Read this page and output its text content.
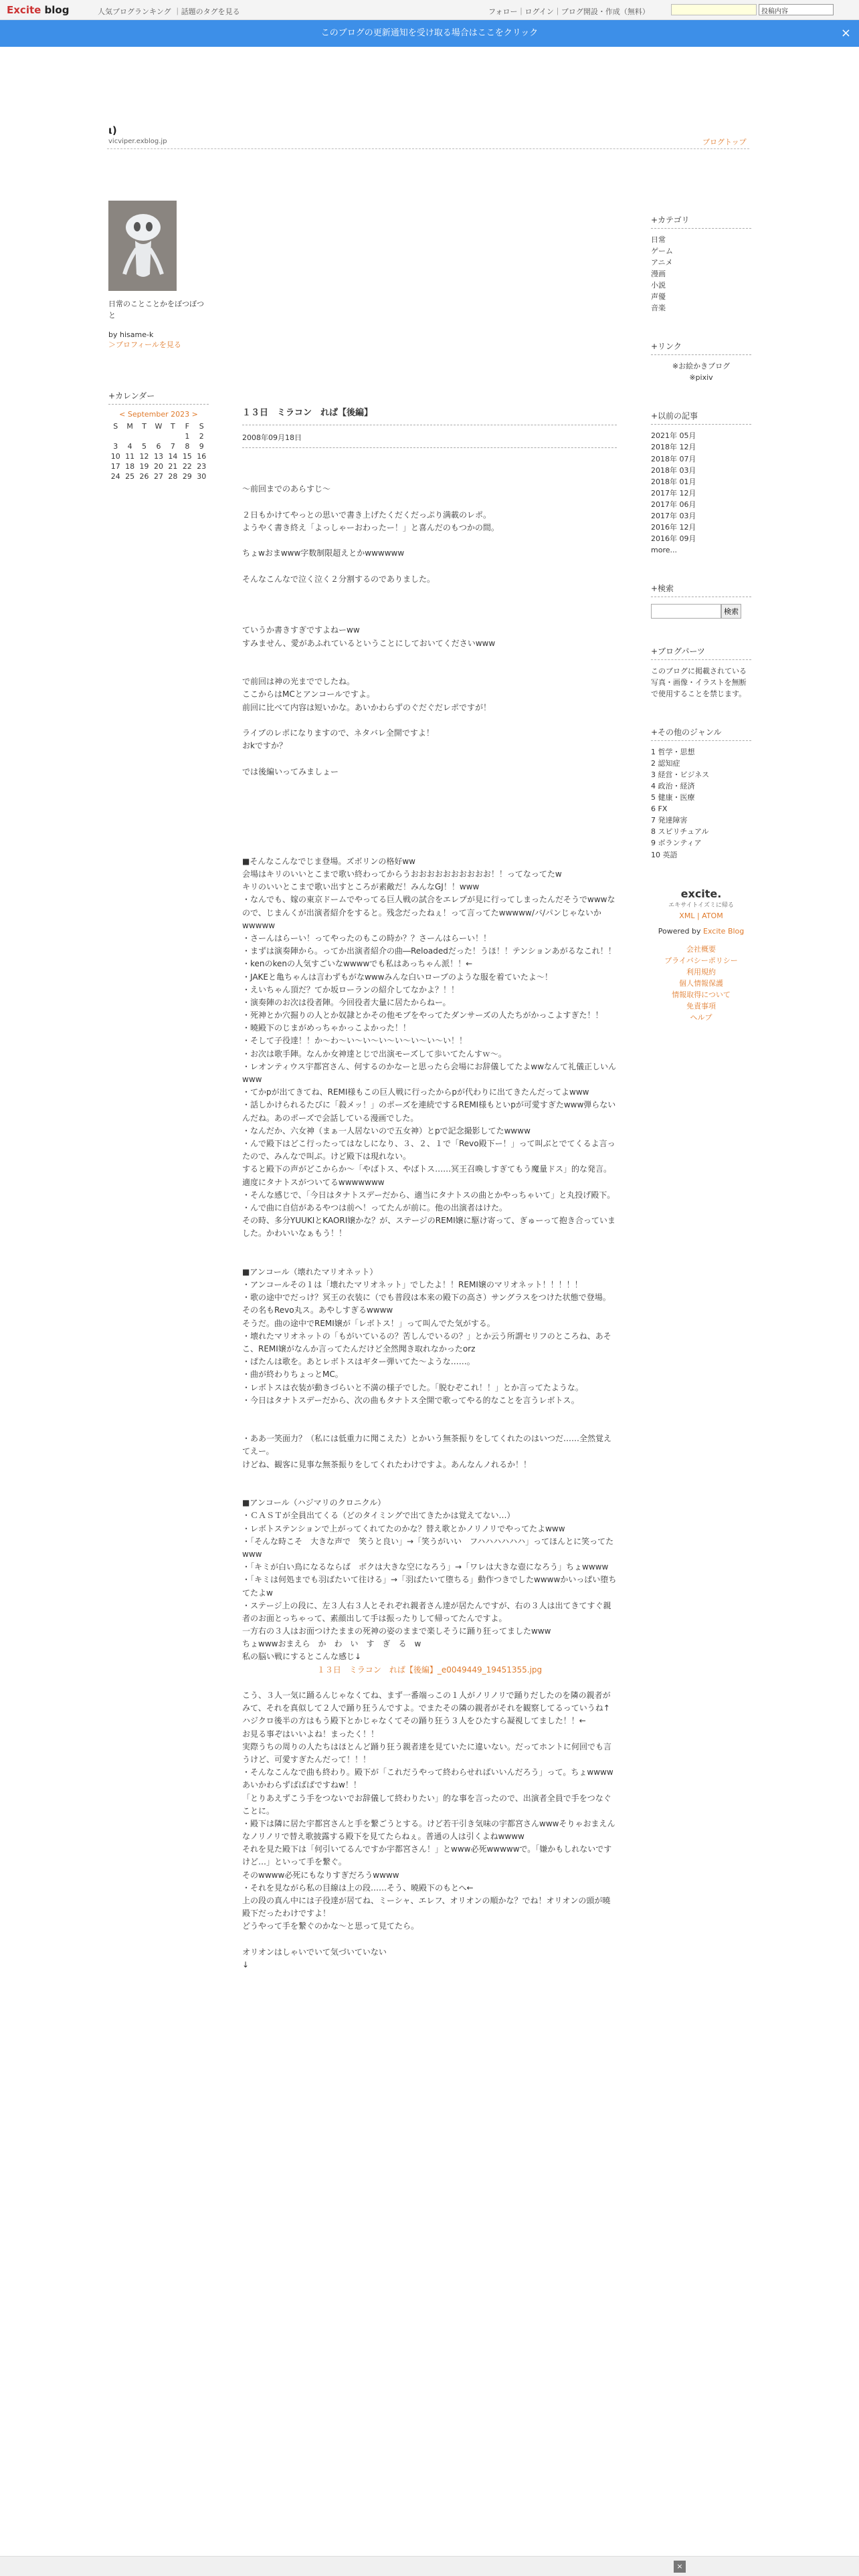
Excite blog	人気ブログランキング ｜話題のタグを見る	フォロー｜ログイン｜ブログ開設・作成（無料）	投稿内容
このブログの更新通知を受け取る場合はここをクリック	×
ι)
vicviper.exblog.jp	ブログトップ
日常のことことかをぼつぼつと
by hisame-k
＞プロフィールを見る
+カレンダー
< September 2023 >
S	M	T	W	T	F	S
					1	2
3	4	5	6	7	8	9
10	11	12	13	14	15	16
17	18	19	20	21	22	23
24	25	26	27	28	29	30
１３日　ミラコン　れぱ【後編】
2008年09月18日

〜前回までのあらすじ〜

２日もかけてやっとの思いで書き上げたくだくだっぷり满載のレポ。
ようやく書き終え「よっしゃーおわったー！」と喜んだのもつかの間。

ちょwおまwww字数制限超えとかwwwwww

そんなこんなで泣く泣く２分割するのでありました。

ていうか書きすぎですよねーww
すみません、愛があふれているということにしておいてくださいwww

で前回は神の光まででしたね。
ここからはMCとアンコールですよ。
前回に比べて内容は短いかな。あいかわらずのぐだぐだレポですが！

ライブのレポになりますので、ネタバレ全開ですよ！
おkですか？

では後編いってみましょー

■そんなこんなでじま登場。ズボリンの格好ww
会場はキリのいいとこまで歌い終わってからうおおおおおおおおおお！！ってなってたw
キリのいいとこまで歌い出すところが素敵だ！みんなGJ！！www
・なんでも、嫁の東京ドームでやってる巨人戦の試合をエレプが見に行ってしまったんだそうでwwwなので、じまんくが出演者紹介をすると。残念だったねぇ！って言ってたwwwww/バ/パンじゃないかwwwww
・さーんはらーい！ってやったのもこの時か？？さーんはらーい！！
・まずは演奏陣から。ってか出演者紹介の曲―Reloadedだった！うほ！！テンションあがるなこれ！！
・kenのkenの人気すごいなwwwwでも私はあっちゃん派！！←
・JAKEと亀ちゃんは言わずもがなwwwみんな白いローブのような服を着ていたよ〜！
・えいちゃん頂だ？てか坂ローランの紹介してなかよ？！！
・演奏陣のお次は役者陣。今回役者大量に居たからねー。
・死神とか穴掘りの人とか奴隷とかその他モブをやってたダンサーズの人たちがかっこよすぎた！！
・曉殿下のじまがめっちゃかっこよかった！！
・そして子役達！！か〜わ〜い〜い〜い〜い〜い〜い〜い！！
・お次は歌手陣。なんか女神達とじで出演モーズして歩いてたんすｗ〜。
・レオンティウス宇都宮さん、何するのかなーと思ったら会場にお辞儀してたよwwなんて礼儀正しいんwww
・てかpが出てきてね、REMI様もこの巨人戦に行ったからpが代わりに出てきたんだってよwww
・話しかけられるたびに「殺メッ！」のポーズを連続でするREMI様もといpが可愛すぎたwww弾らないんだね。あのポーズで会話している漫画でした。
・なんだか、六女神（まぁ一人居ないので五女神）とpで記念撮影してたwwww
・んで殿下はどこ行ったってはなしになり、３、２、１で「Revo殿下ー！」って叫ぶとでてくるよ言ったので、みんなで叫ぶ。けど殿下は現れない。
すると殿下の声がどこからか〜「やばトス、やばトス……冥王召喚しすぎてもう魔量ドス」的な発言。適度にタナトスがついてるwwwwwww
・そんな感じで、「今日はタナトスデーだから、適当にタナトスの曲とかやっちゃいて」と丸投げ殿下。
・んで曲に自信があるやつは前へ！ってたんが前に。他の出演者はけた。
その時、多分YUUKIとKAORI嬢かな？が、ステージのREMI嬢に駆け寄って、ぎゅーって抱き合っていました。かわいいなぁもう！！

■アンコール（壊れたマリオネット）
・アンコールその１は「壊れたマリオネット」でしたよ！！REMI嬢のマリオネット！！！！！
・歌の途中でだっけ？冥王の衣装に（でも普段は本来の殿下の高さ）サングラスをつけた状態で登場。その名もRevo丸ス。あやしすぎるwwww
そうだ。曲の途中でREMI嬢が「レボトス！」って叫んでた気がする。
・壊れたマリオネットの「もがいているの？苦しんでいるの？」とか云う所謂セリフのところね、あそこ、REMI嬢がなんか言ってたんだけど全然聞き取れなかったorz
・ぱたんは歌を。あとレボトスはギター弾いてた〜ような……。
・曲が終わりちょっとMC。
・レボトスは衣装が動きづらいと不満の様子でした。「脱むぞこれ！！」とか言ってたような。
・今日はタナトスデーだから、次の曲もタナトス全開で歌ってやる的なことを言うレボトス。

・ああ一笑面力？（私には低重力に聞こえた）とかいう無茶振りをしてくれたのはいつだ……全然覚えてえー。
けどね、観客に見事な無茶振りをしてくれたわけですよ。あんなんノれるか！！

■アンコール（ハジマリのクロニクル）
・ＣＡＳＴが全員出てくる（どのタイミングで出てきたかは覚えてない…）
・レボトステンションで上がってくれてたのかな？替え歌とかノリノリでやってたよwww
・「そんな時こそ　大きな声で　笑うと良い」→「笑うがいい　フハハハハハハ」ってほんとに笑ってたwww
・「キミが白い鳥になるならば　ボクは大きな空になろう」→「ワレは大きな壺になろう」ちょwwww
・「キミは何処までも羽ばたいて往ける」→「羽ばたいて堕ちる」動作つきでしたwwwwかいっぱい堕ちてたよw
・ステージ上の段に、左３人右３人とそれぞれ親者さん達が居たんですが、右の３人は出てきてすぐ親者のお面とっちゃって、素顔出して手は振ったりして帰ってたんですよ。
一方右の３人はお面つけたままの死神の姿のままで楽しそうに踊り狂ってましたwww
ちょwwwおまえら　か　わ　い　す　ぎ　る　w
私の脳い戦にするとこんな感じ↓

１３日　ミラコン　れぱ【後編】_e0049449_19451355.jpg

こう、３人一気に踊るんじゃなくてね、まず一番端っこの１人がノリノリで踊りだしたのを隣の親者がみて、それを真似して２人で踊り狂うんですよ。でまたその隣の親者がそれを観察してるっていうね↑
ハジクロ後半の方はもう殿下とかじゃなくてその踊り狂う３人をひたすら凝視してました！！←
お見る事ぞはいいよね！まったく！！
実際うちの周りの人たちはほとんど踊り狂う親者達を見ていたに違いない。だってホントに何回でも言うけど、可愛すぎたんだって！！！
・そんなこんなで曲も終わり。殿下が「これだうやって終わらせればいいんだろう」って。ちょwwwwあいかわらずばばばですねw！！
「とりあえずこう手をつないでお辞儀して終わりたい」的な事を言ったので、出演者全員で手をつなぐことに。
・殿下は隣に居た宇都宮さんと手を繋ごうとする。けど若干引き気味の宇都宮さんwwwそりゃおまえんなノリノリで替え歌披露する殿下を見てたらねぇ。普通の人は引くよねwwww
それを見た殿下は「何引いてるんですか宇都宮さん！」とwww必死wwwwwで。「嫌かもしれないですけど…」といって手を繋ぐ。
そのwwww必死にもなりすぎだろうwwww
・それを見ながら私の目線は上の段……そう、曉殿下のもとへ←
上の段の真ん中には子役達が居てね、ミーシャ、エレフ、オリオンの順かな？でね！オリオンの頭が曉殿下だったわけですよ！
どうやって手を繋ぐのかな〜と思って見てたら。

オリオンはしゃいでいて気づいていない
↓

+カテゴリ
日常
ゲーム
アニメ
漫画
小説
声優
音楽
+リンク
※お絵かきブログ
※pixiv
+以前の記事
2021年 05月
2018年 12月
2018年 07月
2018年 03月
2018年 01月
2017年 12月
2017年 06月
2017年 03月
2016年 12月
2016年 09月
more...
+検索
検索
+ブログパーツ

このブログに掲載されている写真・画像・イラストを無断で使用することを禁じます。

+その他のジャンル
1 哲学・思想
2 認知症
3 経営・ビジネス
4 政治・経済
5 健康・医療
6 FX
7 発達障害
8 スピリチュアル
9 ボランティア
10 英語
excite.
エキサイトイズミに帰る
XML | ATOM
Powered by Excite Blog
会社概要
プライバシーポリシー
利用規約
個人情報保護
情報取得について
免責事項
ヘルプ
×
